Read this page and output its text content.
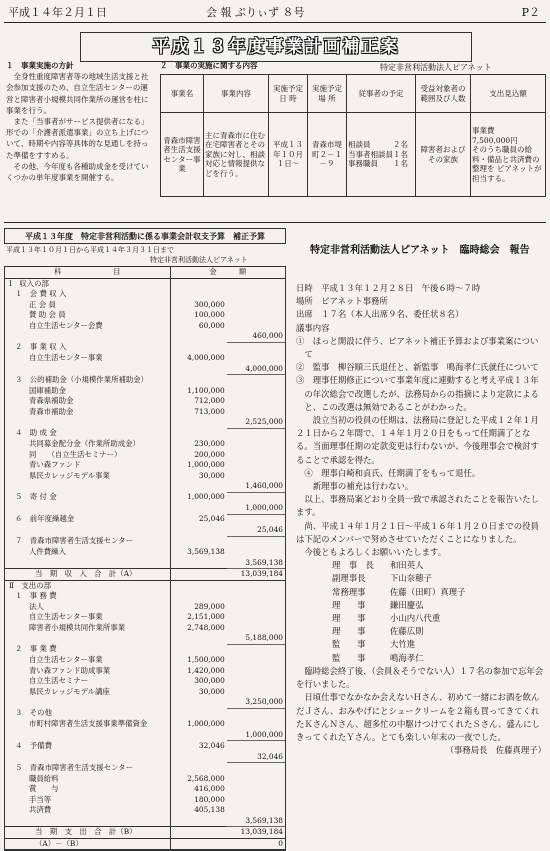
平成１４年２月１日	会 報 ぷりぃず ８号	P２
平成１３年度事業計画補正案
特定非営利活動法人ピアネット
１　事業実施の方針
全身性重度障害者等の地域生活支援と社会参加支援のため、自立生活センターの運営と障害者小規模共同作業所の運営を柱に事業を行う。
また「当事者がサービス提供者になる」形での「介護者派遣事業」の立ち上げについて、時期や内容等具体的な見通しを持った準備をすすめる。
その他、今年度も各種助成金を受けていくつかの単年度事業を開催する。
２　事業の実施に関する内容
事業名	事業内容	実施予定日 時	実施予定場 所	従事者の予定	受益対象者の範囲及び人数	支出見込額
青森市障害者生活支援センター事業	主に青森市に住む在宅障害者とその家族に対し、相談対応と情報提供などを行う。	平成１３年１０月１日～	青森市堤町２－１－９	相談員　　　２名
当事者相談員１名
事務職員　　１名	障害者および その家族	事業費
7,500,000円
そのうち職員の給料・備品と共済費の整理を ピアネットが担当する。
平成１３年度　特定非営利活動に係る事業会計収支予算　補正予算
平成１３年１０月１日から平成１４年３月３１日まで
特定非営利活動法人ピアネット
科　　　　　　　目	金　　　額	
Ⅰ　収入の部		
１　会 費 収 入		
正 会 員	300,000	
賛 助 会 員	100,000	
自立生活センター会費	60,000	
		460,000
２　事 業 収 入		
自立生活センター事業	4,000,000	
		4,000,000
３　公的補助金（小規模作業所補助金）		
国庫補助金	1,100,000	
青森県補助金	712,000	
青森市補助金	713,000	
		2,525,000
４　助 成 金		
共同募金配分金（作業所助成金）	230,000	
同　　（自立生活セミナー）	200,000	
青い森ファンド	1,000,000	
県民カレッジモデル事業	30,000	
		1,460,000
５　寄 付 金	1,000,000	
		1,000,000
６　前年度繰越金	25,046	
		25,046
７　青森市障害者生活支援センター		
人件費繰入	3,569,138	
		3,569,138
当　期　収　入　合　計（A）		13,039,184
Ⅱ　支出の部		
１　事 務 費		
法人	289,000	
自立生活センター事業	2,151,000	
障害者小規模共同作業所事業	2,748,000	
		5,188,000
２　事 業 費		
自立生活センター事業	1,500,000	
青い森ファンド助成事業	1,420,000	
自立生活セミナー	300,000	
県民カレッジモデル講座	30,000	
		3,250,000
３　その他		
市町村障害者生活支援事業準備資金	1,000,000	
		1,000,000
４　予備費	32,046	
		32,046
５　青森市障害者生活支援センター		
職員給料	2,568,000	
賞　　与	416,000	
手当等	180,000	
共済費	405,138	
		3,569,138
当　期　支　出　合　計（B）		13,039,184
（A）－（B）		0
特定非営利活動法人ピアネット　臨時総会　報告

日時　平成１３年１２月２８日　午後６時～７時

場所　ピアネット事務所

出席　１７名（本人出席９名、委任状８名）

議事内容

①　ほっと開設に伴う、ピアネット補正予算および事業案について

②　監事　柳谷順三氏退任と、新監事　鳴海孝仁氏就任について

③　理事任期修正について事業年度に連動すると考え平成１３年の年次総会で改選したが、法務局からの指摘により定款によると、この改選は無効であることがわかった。

設立当初の役員の任期は、法務局に登記した平成１２年１月２１日から２年間で、１４年１月２０日をもって任期満了となる。当面理事任期の定款変更は行わないが、今後理事会で検討することで承認を得た。

④　理事白崎和貞氏、任期満了をもって退任。

新理事の補充は行わない。

以上、事務局案どおり全員一致で承認されたことを報告いたします。

尚、平成１４年１月２１日～平成１６年１月２０日までの役員は下記のメンバーで努めさせていただくことになりました。

今後ともよろしくお願いいたします。

理　事　長 和田英人
副理事長	下山奈穂子
常務理事	佐藤（田町）真理子
理　　事	鎌田慶弘
理　　事	小山内八代重
理　　事	佐藤広則
監　　事	大竹進
監　　事	鳴海孝仁

臨時総会終了後、（会員＆そうでない人）１７名の参加で忘年会を行いました。

日頃仕事でなかなか会えないＨさん、初めて一緒にお酒を飲んだＪさん、おみやげにとシュークリームを２箱も買ってきてくれたＫさんＮさん、超多忙の中駆けつけてくれたＳさん、盛んにしきってくれたＹさん。とても楽しい年末の一夜でした。

（事務局長　佐藤真理子）
